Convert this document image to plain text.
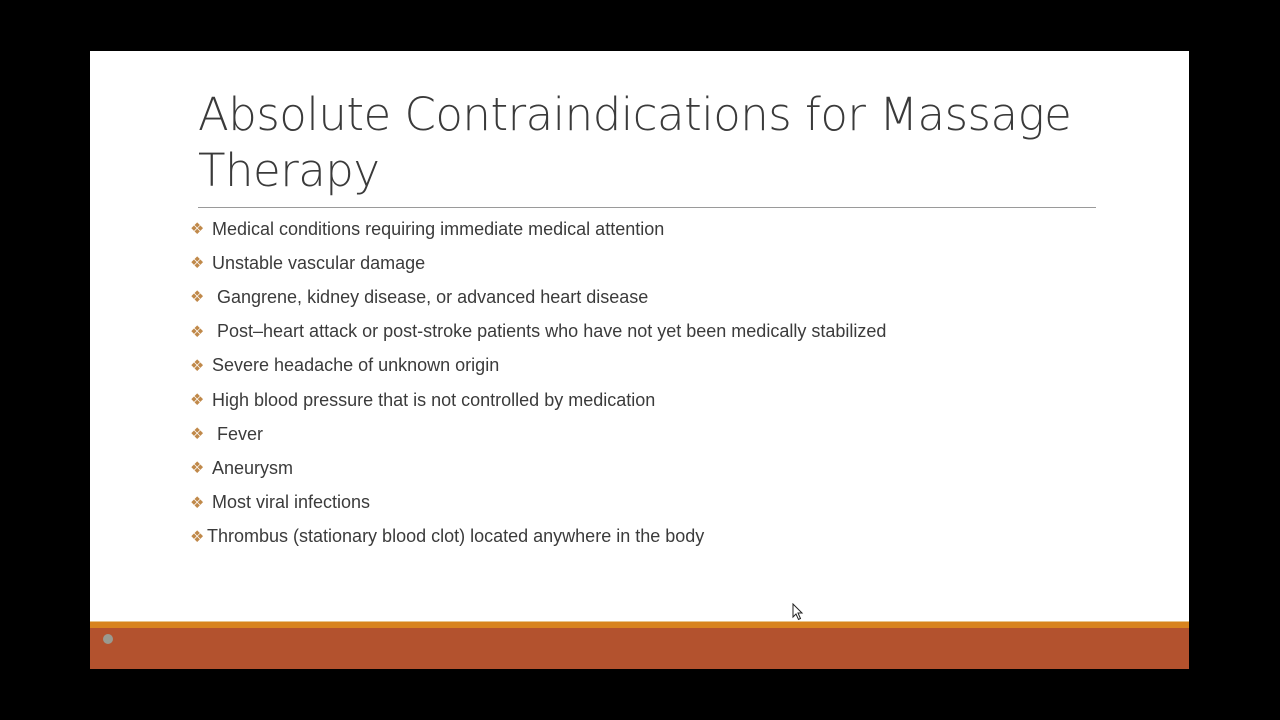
Absolute Contraindications for Massage Therapy
❖ Medical conditions requiring immediate medical attention
❖ Unstable vascular damage
❖ Gangrene, kidney disease, or advanced heart disease
❖ Post–heart attack or post-stroke patients who have not yet been medically stabilized
❖ Severe headache of unknown origin
❖ High blood pressure that is not controlled by medication
❖ Fever
❖ Aneurysm
❖ Most viral infections
❖ Thrombus (stationary blood clot) located anywhere in the body
